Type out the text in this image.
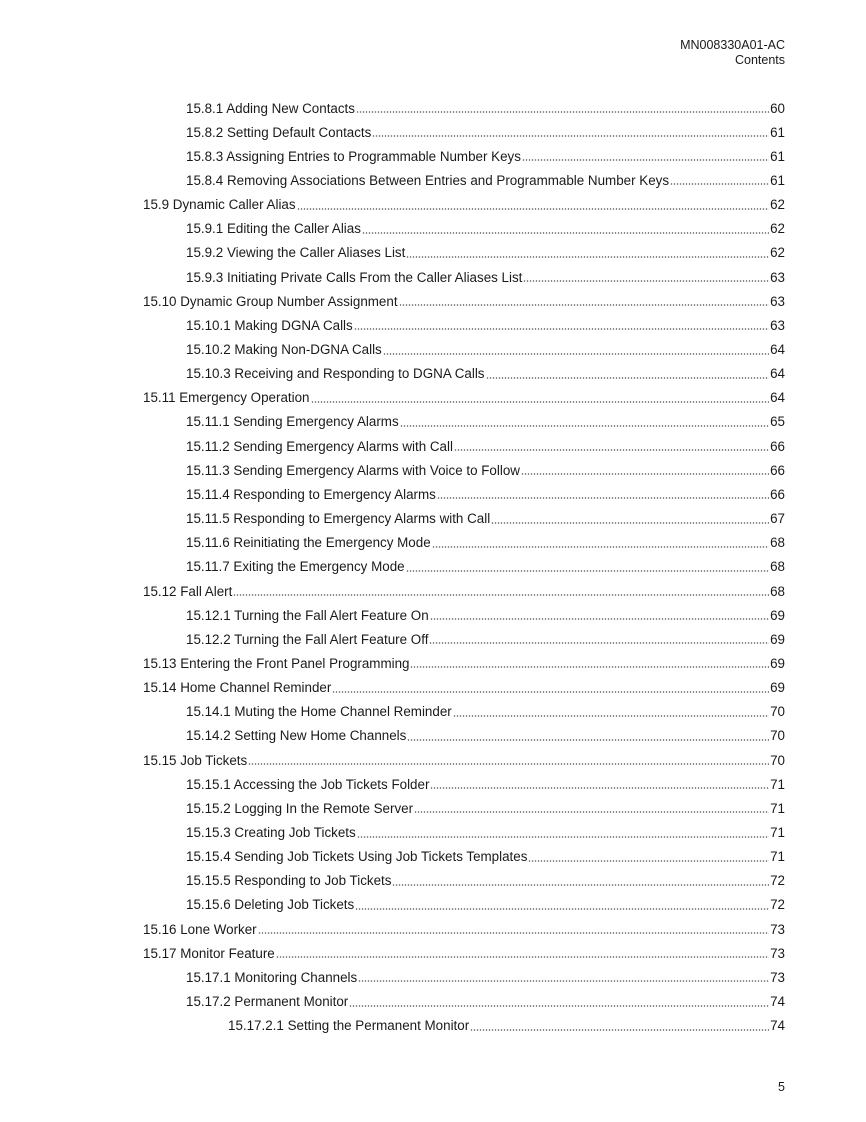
MN008330A01-AC
Contents
15.8.1 Adding New Contacts	60
15.8.2 Setting Default Contacts	61
15.8.3 Assigning Entries to Programmable Number Keys	61
15.8.4 Removing Associations Between Entries and Programmable Number Keys	61
15.9 Dynamic Caller Alias	62
15.9.1 Editing the Caller Alias	62
15.9.2 Viewing the Caller Aliases List	62
15.9.3 Initiating Private Calls From the Caller Aliases List	63
15.10 Dynamic Group Number Assignment	63
15.10.1 Making DGNA Calls	63
15.10.2 Making Non-DGNA Calls	64
15.10.3 Receiving and Responding to DGNA Calls	64
15.11 Emergency Operation	64
15.11.1 Sending Emergency Alarms	65
15.11.2 Sending Emergency Alarms with Call	66
15.11.3 Sending Emergency Alarms with Voice to Follow	66
15.11.4 Responding to Emergency Alarms	66
15.11.5 Responding to Emergency Alarms with Call	67
15.11.6 Reinitiating the Emergency Mode	68
15.11.7 Exiting the Emergency Mode	68
15.12 Fall Alert	68
15.12.1 Turning the Fall Alert Feature On	69
15.12.2 Turning the Fall Alert Feature Off	69
15.13 Entering the Front Panel Programming	69
15.14 Home Channel Reminder	69
15.14.1 Muting the Home Channel Reminder	70
15.14.2 Setting New Home Channels	70
15.15 Job Tickets	70
15.15.1 Accessing the Job Tickets Folder	71
15.15.2 Logging In the Remote Server	71
15.15.3 Creating Job Tickets	71
15.15.4 Sending Job Tickets Using Job Tickets Templates	71
15.15.5 Responding to Job Tickets	72
15.15.6 Deleting Job Tickets	72
15.16 Lone Worker	73
15.17 Monitor Feature	73
15.17.1 Monitoring Channels	73
15.17.2 Permanent Monitor	74
15.17.2.1 Setting the Permanent Monitor	74
5
